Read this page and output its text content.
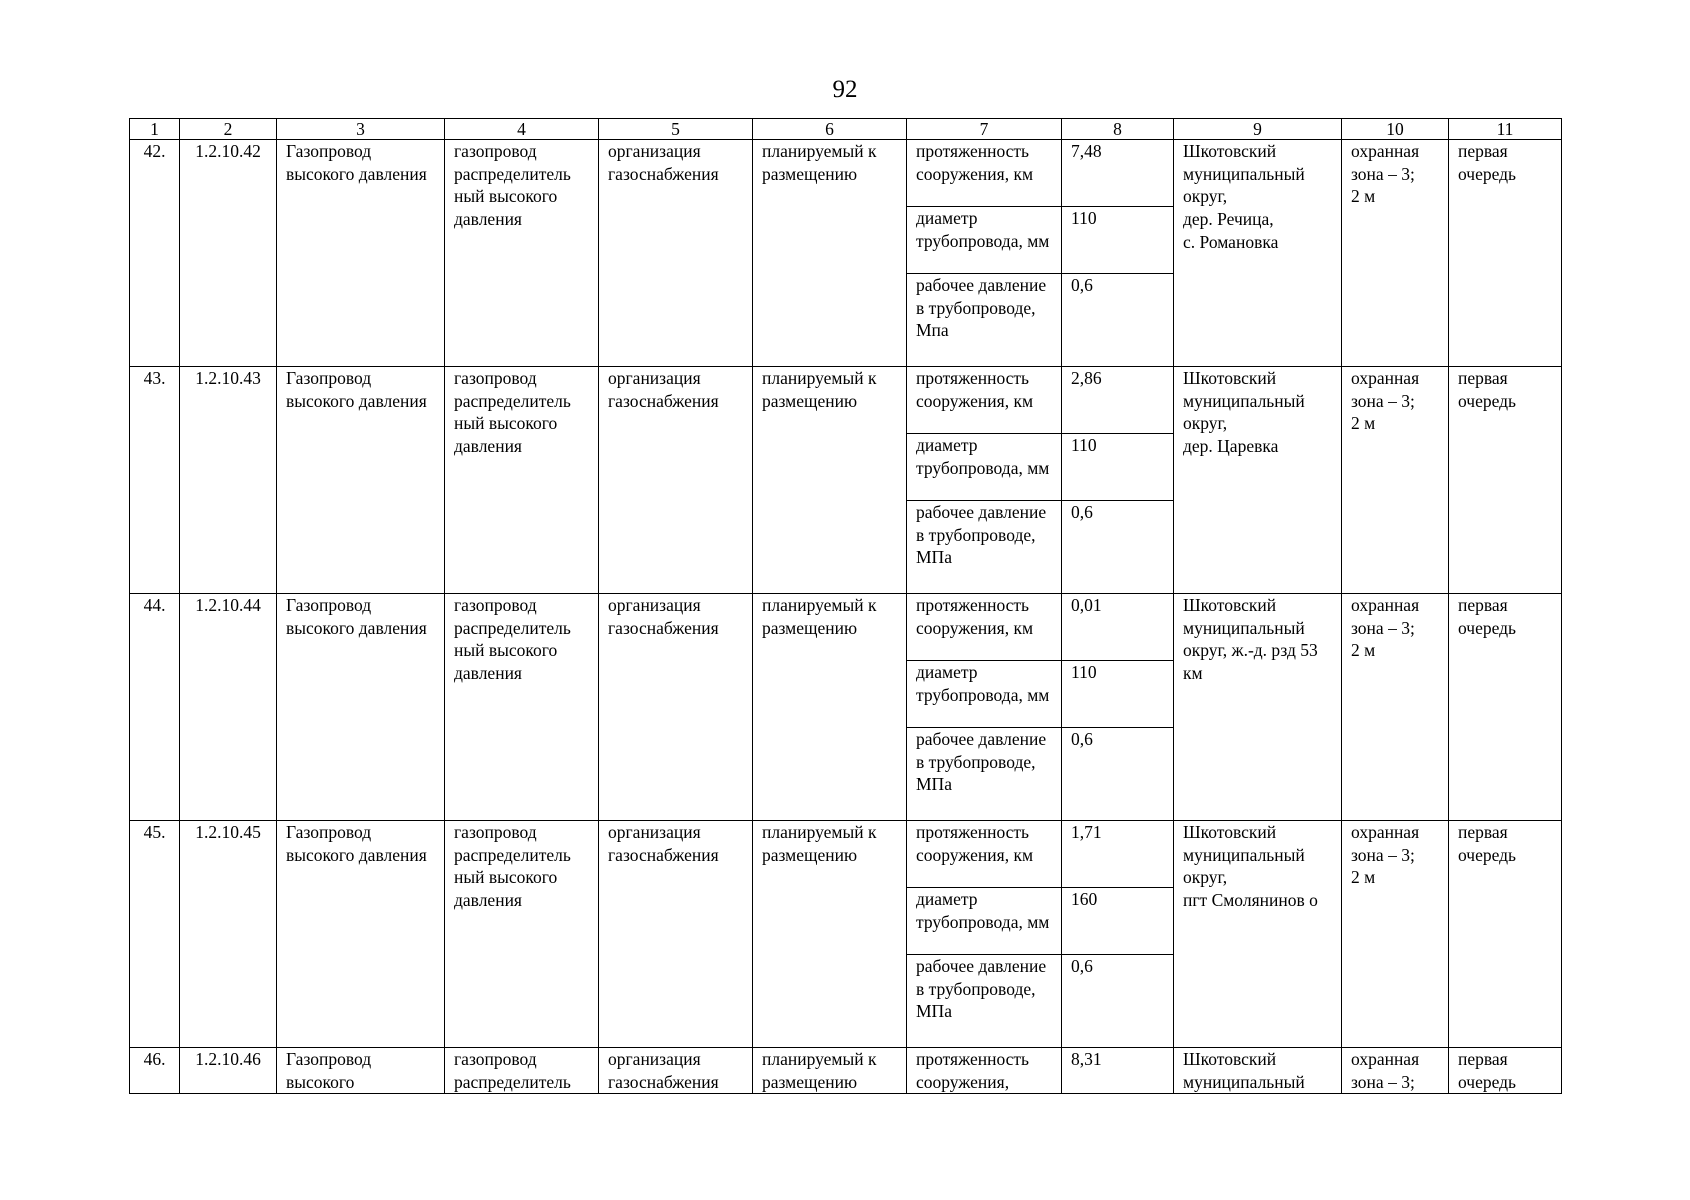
92
1	2	3	4	5	6	7	8	9	10	11
42.	1.2.10.42	Газопровод высокого давления	газопровод распределитель ный высокого давления	организация газоснабжения	планируемый к размещению	протяженность сооружения, км	7,48	Шкотовский муниципальный округ,
дер. Речица,
с. Романовка	охранная зона – 3;
2 м	первая очередь
						диаметр трубопровода, мм	110			
						рабочее давление в трубопроводе, Мпа	0,6			
43.	1.2.10.43	Газопровод высокого давления	газопровод распределитель ный высокого давления	организация газоснабжения	планируемый к размещению	протяженность сооружения, км	2,86	Шкотовский муниципальный округ,
дер. Царевка	охранная зона – 3;
2 м	первая очередь
						диаметр трубопровода, мм	110			
						рабочее давление в трубопроводе, МПа	0,6			
44.	1.2.10.44	Газопровод высокого давления	газопровод распределитель ный высокого давления	организация газоснабжения	планируемый к размещению	протяженность сооружения, км	0,01	Шкотовский муниципальный округ, ж.-д. рзд 53 км	охранная зона – 3;
2 м	первая очередь
						диаметр трубопровода, мм	110			
						рабочее давление в трубопроводе, МПа	0,6			
45.	1.2.10.45	Газопровод высокого давления	газопровод распределитель ный высокого давления	организация газоснабжения	планируемый к размещению	протяженность сооружения, км	1,71	Шкотовский муниципальный округ,
пгт Смолянинов о	охранная зона – 3;
2 м	первая очередь
						диаметр трубопровода, мм	160			
						рабочее давление в трубопроводе, МПа	0,6			
46.	1.2.10.46	Газопровод высокого	газопровод распределитель	организация газоснабжения	планируемый к размещению	протяженность сооружения,	8,31	Шкотовский муниципальный	охранная зона – 3;	первая очередь
